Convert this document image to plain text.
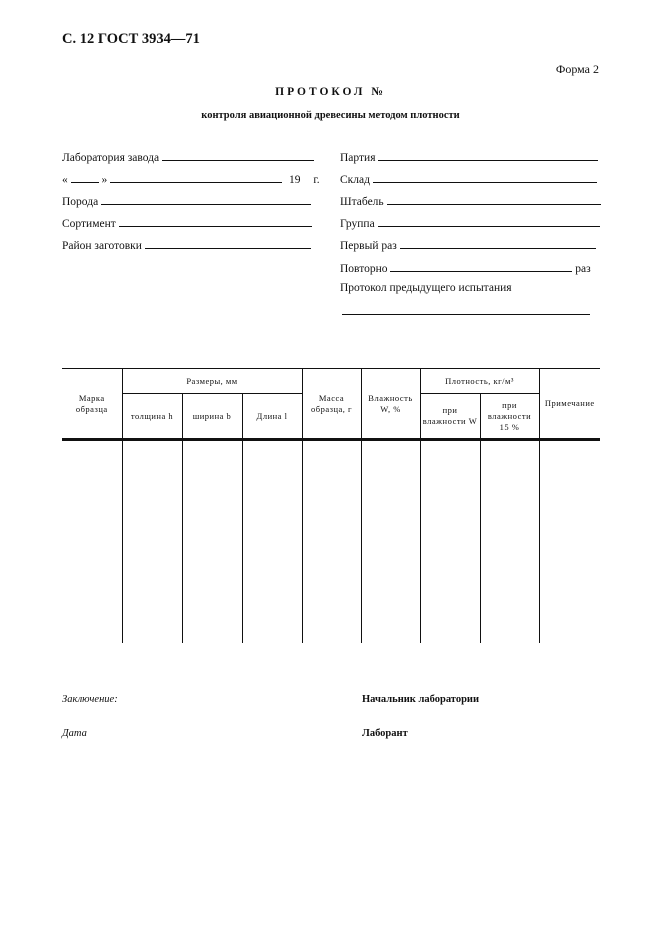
С. 12 ГОСТ 3934—71
Форма 2
ПРОТОКОЛ №
контроля авиационной древесины методом плотности
Лаборатория завода
«	»	19 г.
Порода
Сортимент
Район заготовки
Партия
Склад
Штабель
Группа
Первый раз
Повторно	раз
Протокол предыдущего испытания
Марка образца	Размеры, мм			Масса образца, г	Влажность W, %	Плотность, кг/м³		Примечание
	толщина h	ширина b	Длина l			при влажности W	при влажности 15 %	

Заключение:
Дата
Начальник лаборатории
Лаборант
